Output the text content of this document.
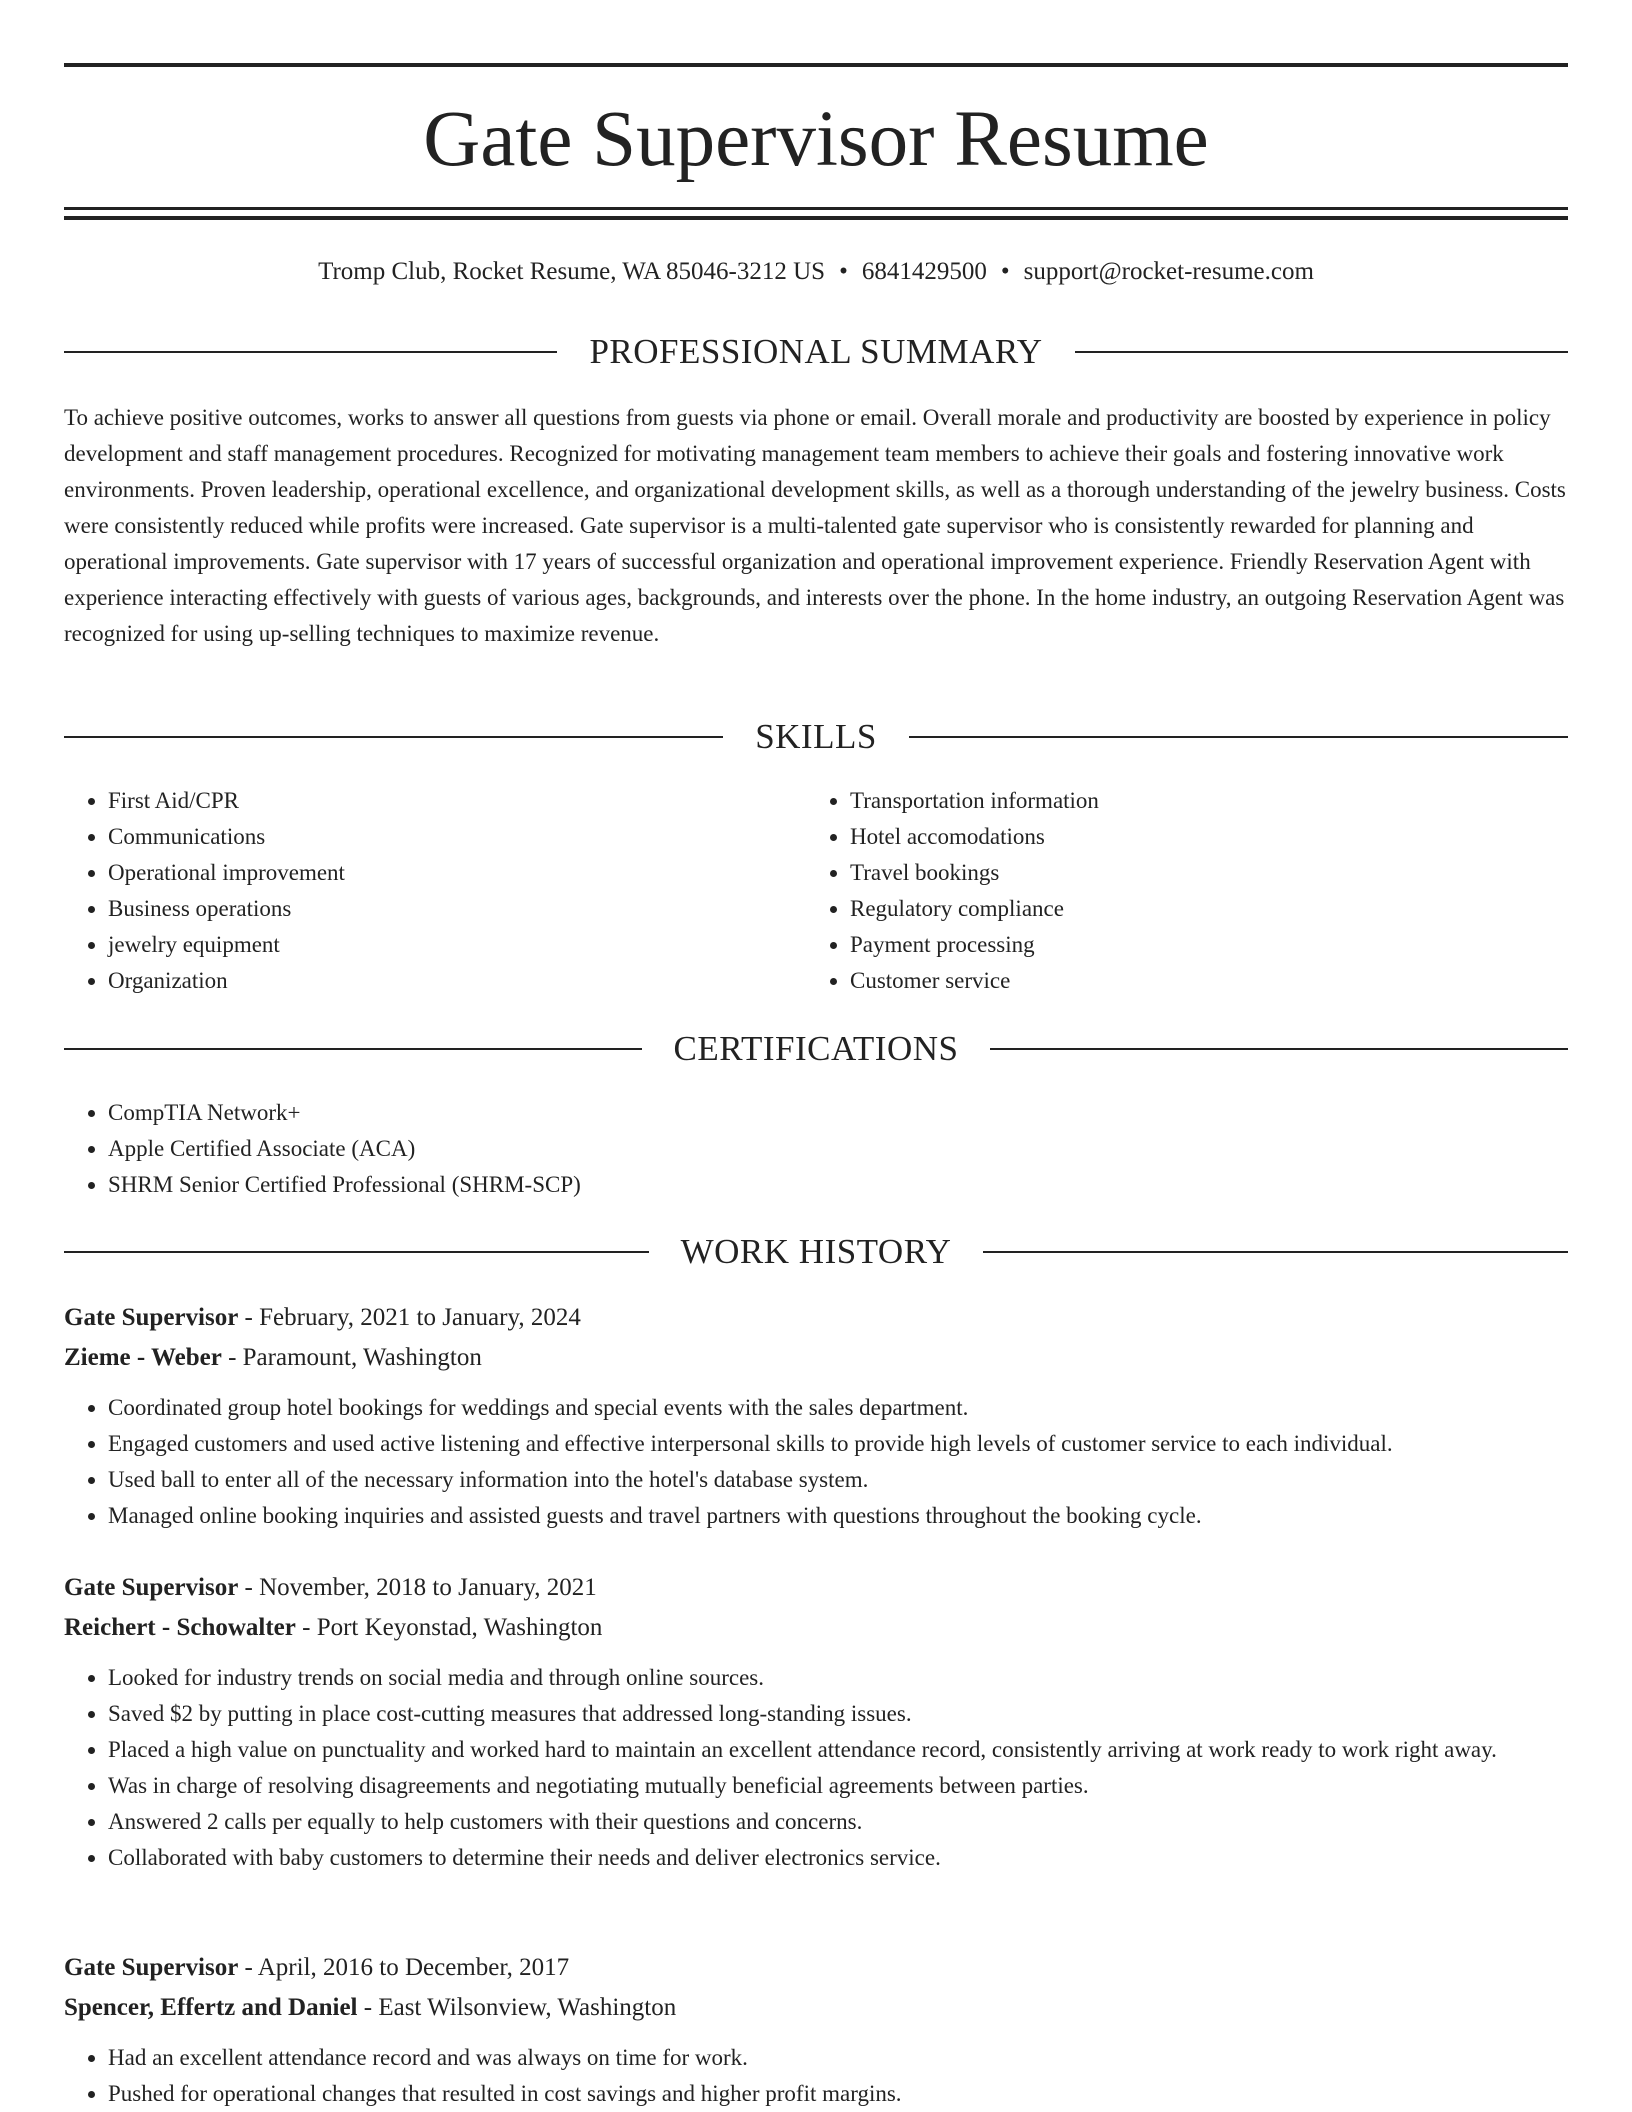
Gate Supervisor Resume
Tromp Club, Rocket Resume, WA 85046-3212 US • 6841429500 • support@rocket-resume.com
PROFESSIONAL SUMMARY
To achieve positive outcomes, works to answer all questions from guests via phone or email. Overall morale and productivity are boosted by experience in policy development and staff management procedures. Recognized for motivating management team members to achieve their goals and fostering innovative work environments. Proven leadership, operational excellence, and organizational development skills, as well as a thorough understanding of the jewelry business. Costs were consistently reduced while profits were increased. Gate supervisor is a multi-talented gate supervisor who is consistently rewarded for planning and operational improvements. Gate supervisor with 17 years of successful organization and operational improvement experience. Friendly Reservation Agent with experience interacting effectively with guests of various ages, backgrounds, and interests over the phone. In the home industry, an outgoing Reservation Agent was recognized for using up-selling techniques to maximize revenue.
SKILLS
• First Aid/CPR
• Communications
• Operational improvement
• Business operations
• jewelry equipment
• Organization
• Transportation information
• Hotel accomodations
• Travel bookings
• Regulatory compliance
• Payment processing
• Customer service
CERTIFICATIONS
• CompTIA Network+
• Apple Certified Associate (ACA)
• SHRM Senior Certified Professional (SHRM-SCP)
WORK HISTORY
Gate Supervisor - February, 2021 to January, 2024
Zieme - Weber - Paramount, Washington
• Coordinated group hotel bookings for weddings and special events with the sales department.
• Engaged customers and used active listening and effective interpersonal skills to provide high levels of customer service to each individual.
• Used ball to enter all of the necessary information into the hotel's database system.
• Managed online booking inquiries and assisted guests and travel partners with questions throughout the booking cycle.
Gate Supervisor - November, 2018 to January, 2021
Reichert - Schowalter - Port Keyonstad, Washington
• Looked for industry trends on social media and through online sources.
• Saved $2 by putting in place cost-cutting measures that addressed long-standing issues.
• Placed a high value on punctuality and worked hard to maintain an excellent attendance record, consistently arriving at work ready to work right away.
• Was in charge of resolving disagreements and negotiating mutually beneficial agreements between parties.
• Answered 2 calls per equally to help customers with their questions and concerns.
• Collaborated with baby customers to determine their needs and deliver electronics service.
Gate Supervisor - April, 2016 to December, 2017
Spencer, Effertz and Daniel - East Wilsonview, Washington
• Had an excellent attendance record and was always on time for work.
• Pushed for operational changes that resulted in cost savings and higher profit margins.
